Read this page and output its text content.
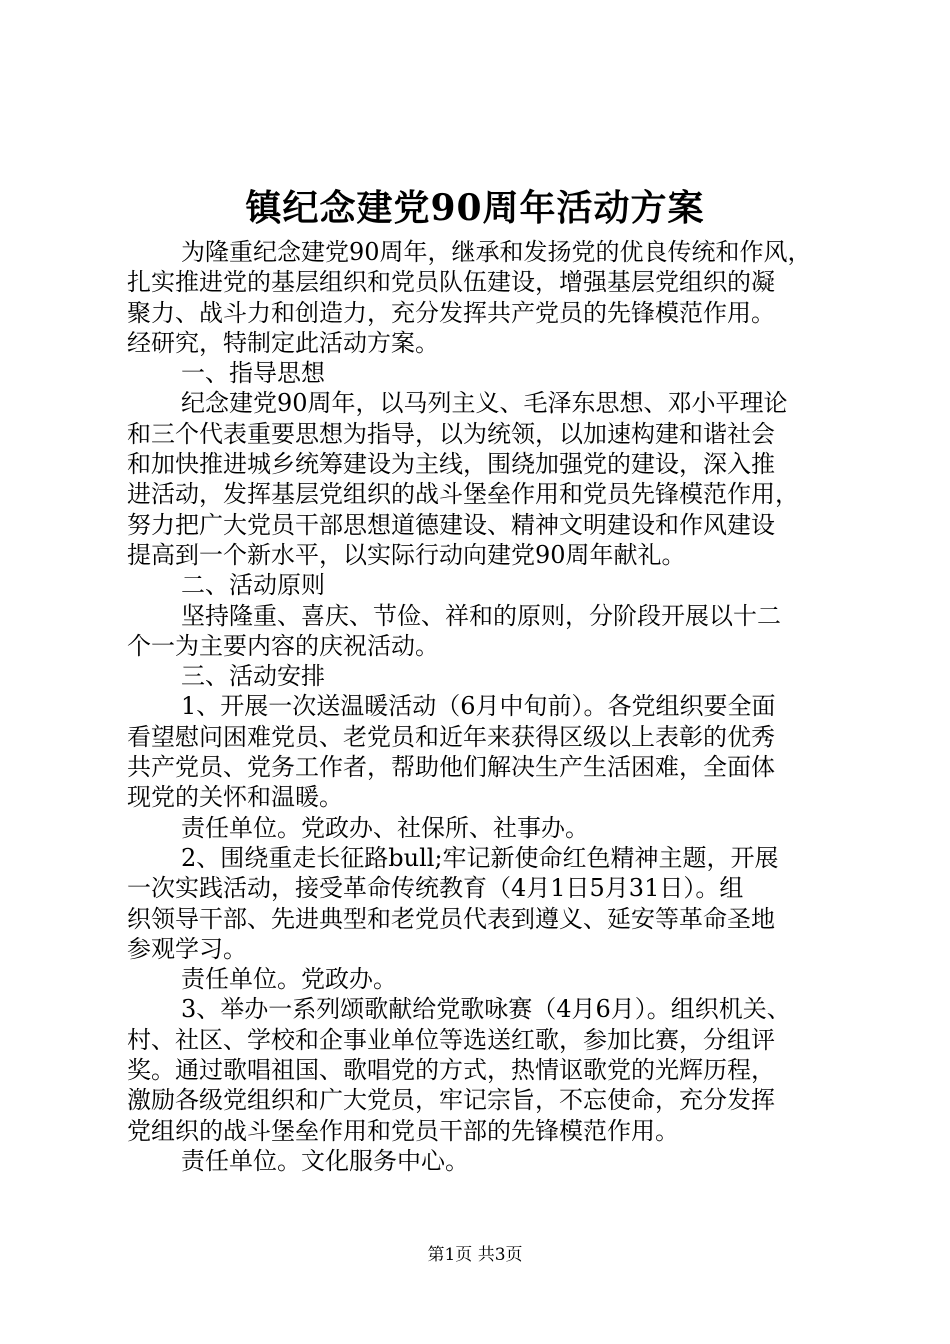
镇纪念建党90周年活动方案
为隆重纪念建党90周年，继承和发扬党的优良传统和作风，
扎实推进党的基层组织和党员队伍建设，增强基层党组织的凝
聚力、战斗力和创造力，充分发挥共产党员的先锋模范作用。
经研究，特制定此活动方案。
一、指导思想
纪念建党90周年，以马列主义、毛泽东思想、邓小平理论
和三个代表重要思想为指导，以为统领，以加速构建和谐社会
和加快推进城乡统筹建设为主线，围绕加强党的建设，深入推
进活动，发挥基层党组织的战斗堡垒作用和党员先锋模范作用，
努力把广大党员干部思想道德建设、精神文明建设和作风建设
提高到一个新水平，以实际行动向建党90周年献礼。
二、活动原则
坚持隆重、喜庆、节俭、祥和的原则，分阶段开展以十二
个一为主要内容的庆祝活动。
三、活动安排
1、开展一次送温暖活动（6月中旬前）。各党组织要全面
看望慰问困难党员、老党员和近年来获得区级以上表彰的优秀
共产党员、党务工作者，帮助他们解决生产生活困难，全面体
现党的关怀和温暖。
责任单位。党政办、社保所、社事办。
2、围绕重走长征路bull;牢记新使命红色精神主题，开展
一次实践活动，接受革命传统教育（4月1日5月31日）。组
织领导干部、先进典型和老党员代表到遵义、延安等革命圣地
参观学习。
责任单位。党政办。
3、举办一系列颂歌献给党歌咏赛（4月6月）。组织机关、
村、社区、学校和企事业单位等选送红歌，参加比赛，分组评
奖。通过歌唱祖国、歌唱党的方式，热情讴歌党的光辉历程，
激励各级党组织和广大党员，牢记宗旨，不忘使命，充分发挥
党组织的战斗堡垒作用和党员干部的先锋模范作用。
责任单位。文化服务中心。
第1页 共3页
